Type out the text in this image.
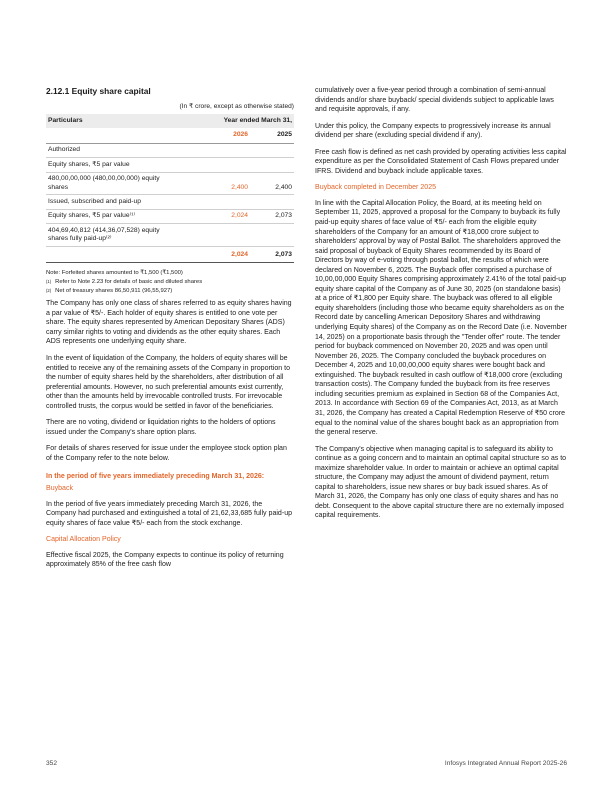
2.12.1 Equity share capital
(In ₹ crore, except as otherwise stated)
Particulars	Year ended March 31,	
	2026	2025
Authorized		
Equity shares, ₹5 par value		
480,00,00,000 (480,00,00,000) equity shares	2,400	2,400
Issued, subscribed and paid-up		
Equity shares, ₹5 par value⁽¹⁾	2,024	2,073
404,69,40,812 (414,36,07,528) equity shares fully paid-up⁽²⁾		
	2,024	2,073
Note: Forfeited shares amounted to ₹1,500 (₹1,500)
(1) Refer to Note 2.23 for details of basic and diluted shares
(2) Net of treasury shares 86,50,911 (96,55,927)

The Company has only one class of shares referred to as equity shares having a par value of ₹5/-. Each holder of equity shares is entitled to one vote per share. The equity shares represented by American Depositary Shares (ADS) carry similar rights to voting and dividends as the other equity shares. Each ADS represents one underlying equity share.

In the event of liquidation of the Company, the holders of equity shares will be entitled to receive any of the remaining assets of the Company in proportion to the number of equity shares held by the shareholders, after distribution of all preferential amounts. However, no such preferential amounts exist currently, other than the amounts held by irrevocable controlled trusts. For irrevocable controlled trusts, the corpus would be settled in favor of the beneficiaries.

There are no voting, dividend or liquidation rights to the holders of options issued under the Company's share option plans.

For details of shares reserved for issue under the employee stock option plan of the Company refer to the note below.

In the period of five years immediately preceding March 31, 2026:
Buyback

In the period of five years immediately preceding March 31, 2026, the Company had purchased and extinguished a total of 21,62,33,685 fully paid-up equity shares of face value ₹5/- each from the stock exchange.

Capital Allocation Policy

Effective fiscal 2025, the Company expects to continue its policy of returning approximately 85% of the free cash flow

cumulatively over a five-year period through a combination of semi-annual dividends and/or share buyback/ special dividends subject to applicable laws and requisite approvals, if any.

Under this policy, the Company expects to progressively increase its annual dividend per share (excluding special dividend if any).

Free cash flow is defined as net cash provided by operating activities less capital expenditure as per the Consolidated Statement of Cash Flows prepared under IFRS. Dividend and buyback include applicable taxes.

Buyback completed in December 2025

In line with the Capital Allocation Policy, the Board, at its meeting held on September 11, 2025, approved a proposal for the Company to buyback its fully paid-up equity shares of face value of ₹5/- each from the eligible equity shareholders of the Company for an amount of ₹18,000 crore subject to shareholders' approval by way of Postal Ballot. The shareholders approved the said proposal of buyback of Equity Shares recommended by its Board of Directors by way of e-voting through postal ballot, the results of which were declared on November 6, 2025. The Buyback offer comprised a purchase of 10,00,00,000 Equity Shares comprising approximately 2.41% of the total paid-up equity share capital of the Company as of June 30, 2025 (on standalone basis) at a price of ₹1,800 per Equity share. The buyback was offered to all eligible equity shareholders (including those who became equity shareholders as on the Record date by cancelling American Depository Shares and withdrawing underlying Equity shares) of the Company as on the Record Date (i.e. November 14, 2025) on a proportionate basis through the "Tender offer" route. The tender period for buyback commenced on November 20, 2025 and was open until November 26, 2025. The Company concluded the buyback procedures on December 4, 2025 and 10,00,00,000 equity shares were bought back and extinguished. The buyback resulted in cash outflow of ₹18,000 crore (excluding transaction costs). The Company funded the buyback from its free reserves including securities premium as explained in Section 68 of the Companies Act, 2013. In accordance with Section 69 of the Companies Act, 2013, as at March 31, 2026, the Company has created a Capital Redemption Reserve of ₹50 crore equal to the nominal value of the shares bought back as an appropriation from the general reserve.

The Company's objective when managing capital is to safeguard its ability to continue as a going concern and to maintain an optimal capital structure so as to maximize shareholder value. In order to maintain or achieve an optimal capital structure, the Company may adjust the amount of dividend payment, return capital to shareholders, issue new shares or buy back issued shares. As of March 31, 2026, the Company has only one class of equity shares and has no debt. Consequent to the above capital structure there are no externally imposed capital requirements.

352	Infosys Integrated Annual Report 2025-26
